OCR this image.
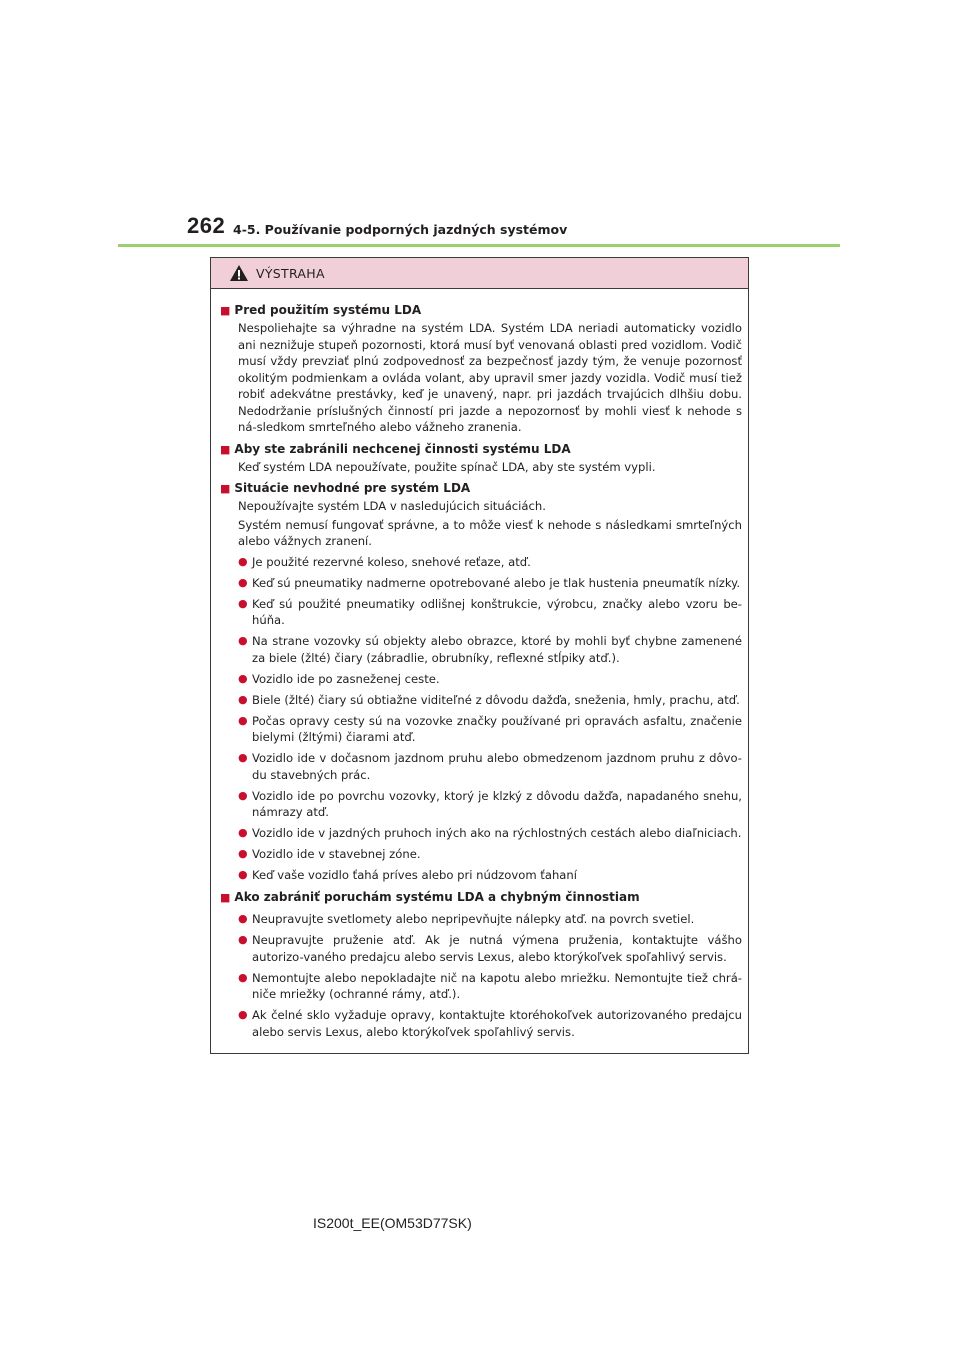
262 4-5. Používanie podporných jazdných systémov
VÝSTRAHA
■ Pred použitím systému LDA
Nespoliehajte sa výhradne na systém LDA. Systém LDA neriadi automaticky vozidlo ani neznižuje stupeň pozornosti, ktorá musí byť venovaná oblasti pred vozidlom. Vodič musí vždy prevziať plnú zodpovednosť za bezpečnosť jazdy tým, že venuje pozornosť okolitým podmienkam a ovláda volant, aby upravil smer jazdy vozidla. Vodič musí tiež robiť adekvátne prestávky, keď je unavený, napr. pri jazdách trvajúcich dlhšiu dobu. Nedodržanie príslušných činností pri jazde a nepozornosť by mohli viesť k nehode s ná-sledkom smrteľného alebo vážneho zranenia.
■ Aby ste zabránili nechcenej činnosti systému LDA
Keď systém LDA nepoužívate, použite spínač LDA, aby ste systém vypli.
■ Situácie nevhodné pre systém LDA
Nepoužívajte systém LDA v nasledujúcich situáciách.
Systém nemusí fungovať správne, a to môže viesť k nehode s následkami smrteľných alebo vážnych zranení.
● Je použité rezervné koleso, snehové reťaze, atď.
● Keď sú pneumatiky nadmerne opotrebované alebo je tlak hustenia pneumatík nízky.
● Keď sú použité pneumatiky odlišnej konštrukcie, výrobcu, značky alebo vzoru be-húňa.
● Na strane vozovky sú objekty alebo obrazce, ktoré by mohli byť chybne zamenené za biele (žlté) čiary (zábradlie, obrubníky, reflexné stĺpiky atď.).
● Vozidlo ide po zasneženej ceste.
● Biele (žlté) čiary sú obtiažne viditeľné z dôvodu dažďa, sneženia, hmly, prachu, atď.
● Počas opravy cesty sú na vozovke značky používané pri opravách asfaltu, značenie bielymi (žltými) čiarami atď.
● Vozidlo ide v dočasnom jazdnom pruhu alebo obmedzenom jazdnom pruhu z dôvo-du stavebných prác.
● Vozidlo ide po povrchu vozovky, ktorý je klzký z dôvodu dažďa, napadaného snehu, námrazy atď.
● Vozidlo ide v jazdných pruhoch iných ako na rýchlostných cestách alebo diaľniciach.
● Vozidlo ide v stavebnej zóne.
● Keď vaše vozidlo ťahá príves alebo pri núdzovom ťahaní
■ Ako zabrániť poruchám systému LDA a chybným činnostiam
● Neupravujte svetlomety alebo nepripevňujte nálepky atď. na povrch svetiel.
● Neupravujte pruženie atď. Ak je nutná výmena pruženia, kontaktujte vášho autorizo-vaného predajcu alebo servis Lexus, alebo ktorýkoľvek spoľahlivý servis.
● Nemontujte alebo nepokladajte nič na kapotu alebo mriežku. Nemontujte tiež chrá-niče mriežky (ochranné rámy, atď.).
● Ak čelné sklo vyžaduje opravy, kontaktujte ktoréhokoľvek autorizovaného predajcu alebo servis Lexus, alebo ktorýkoľvek spoľahlivý servis.
IS200t_EE(OM53D77SK)
